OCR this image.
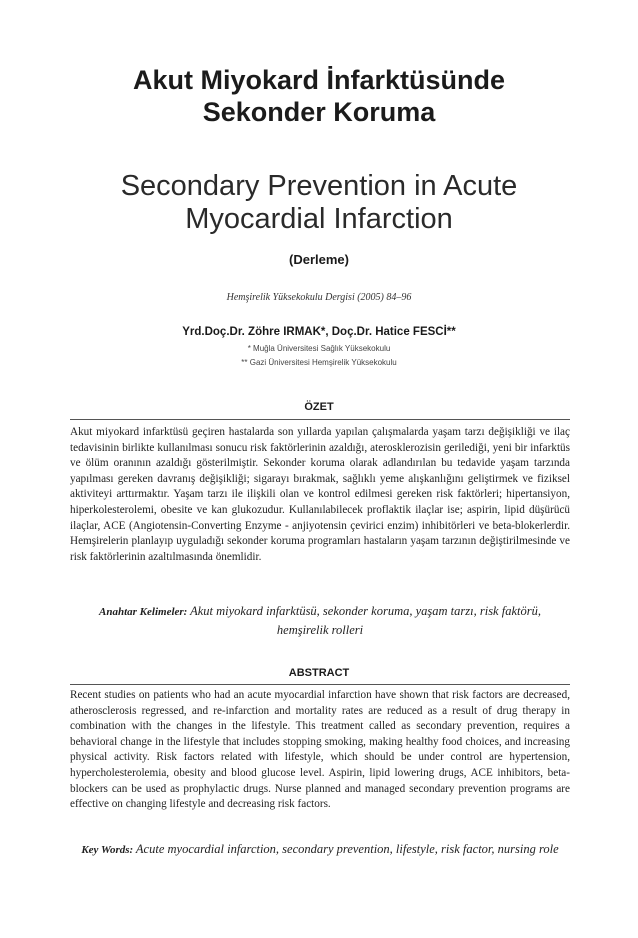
Akut Miyokard İnfarktüsünde
Sekonder Koruma
Secondary Prevention in Acute
Myocardial Infarction
(Derleme)
Hemşirelik Yüksekokulu Dergisi (2005) 84–96
Yrd.Doç.Dr. Zöhre IRMAK*, Doç.Dr. Hatice FESCİ**
* Muğla Üniversitesi Sağlık Yüksekokulu
** Gazi Üniversitesi Hemşirelik Yüksekokulu
ÖZET

Akut miyokard infarktüsü geçiren hastalarda son yıllarda yapılan çalışmalarda yaşam tarzı değişikliği ve ilaç tedavisinin birlikte kullanılması sonucu risk faktörlerinin azaldığı, aterosklerozisin gerilediği, yeni bir infarktüs ve ölüm oranının azaldığı gösterilmiştir. Sekonder koruma olarak adlandırılan bu tedavide yaşam tarzında yapılması gereken davranış değişikliği; sigarayı bırakmak, sağlıklı yeme alışkanlığını geliştirmek ve fiziksel aktiviteyi arttırmaktır. Yaşam tarzı ile ilişkili olan ve kontrol edilmesi gereken risk faktörleri; hipertansiyon, hiperkolesterolemi, obesite ve kan glukozudur. Kullanılabilecek proflaktik ilaçlar ise; aspirin, lipid düşürücü ilaçlar, ACE (Angiotensin-Converting Enzyme - anjiyotensin çevirici enzim) inhibitörleri ve beta-blokerlerdir. Hemşirelerin planlayıp uyguladığı sekonder koruma programları hastaların yaşam tarzının değiştirilmesinde ve risk faktörlerinin azaltılmasında önemlidir.

Anahtar Kelimeler: Akut miyokard infarktüsü, sekonder koruma, yaşam tarzı, risk faktörü, hemşirelik rolleri
ABSTRACT

Recent studies on patients who had an acute myocardial infarction have shown that risk factors are decreased, atherosclerosis regressed, and re-infarction and mortality rates are reduced as a result of drug therapy in combination with the changes in the lifestyle. This treatment called as secondary prevention, requires a behavioral change in the lifestyle that includes stopping smoking, making healthy food choices, and increasing physical activity. Risk factors related with lifestyle, which should be under control are hypertension, hypercholesterolemia, obesity and blood glucose level. Aspirin, lipid lowering drugs, ACE inhibitors, beta-blockers can be used as prophylactic drugs. Nurse planned and managed secondary prevention programs are effective on changing lifestyle and decreasing risk factors.

Key Words: Acute myocardial infarction, secondary prevention, lifestyle, risk factor, nursing role
